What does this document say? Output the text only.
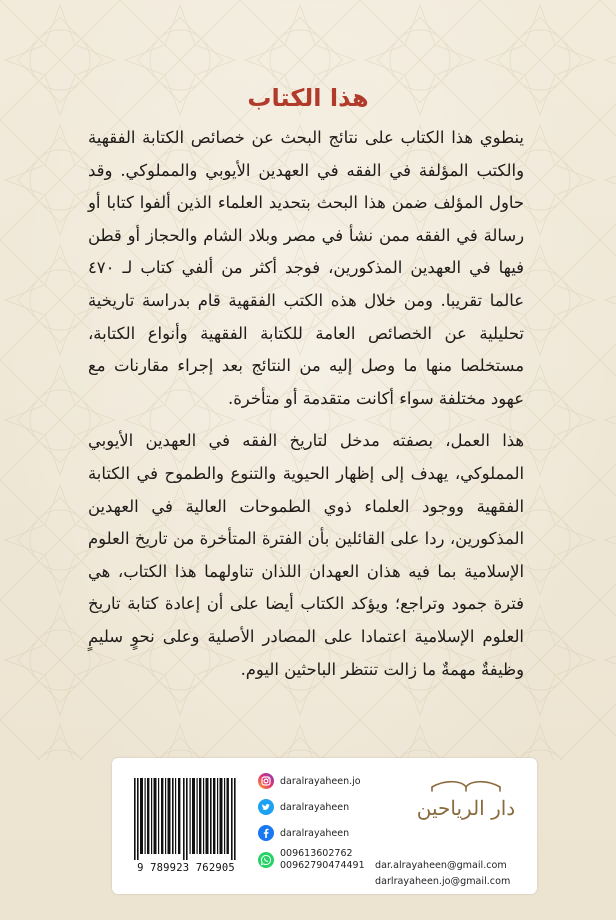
هذا الكتاب

ينطوي هذا الكتاب على نتائج البحث عن خصائص الكتابة الفقهية والكتب المؤلفة في الفقه في العهدين الأيوبي والمملوكي. وقد حاول المؤلف ضمن هذا البحث بتحديد العلماء الذين ألفوا كتابا أو رسالة في الفقه ممن نشأ في مصر وبلاد الشام والحجاز أو قطن فيها في العهدين المذكورين، فوجد أكثر من ألفي كتاب لـ ٤٧٠ عالما تقريبا. ومن خلال هذه الكتب الفقهية قام بدراسة تاريخية تحليلية عن الخصائص العامة للكتابة الفقهية وأنواع الكتابة، مستخلصا منها ما وصل إليه من النتائج بعد إجراء مقارنات مع عهود مختلفة سواء أكانت متقدمة أو متأخرة.

هذا العمل، بصفته مدخل لتاريخ الفقه في العهدين الأيوبي المملوكي، يهدف إلى إظهار الحيوية والتنوع والطموح في الكتابة الفقهية ووجود العلماء ذوي الطموحات العالية في العهدين المذكورين، ردا على القائلين بأن الفترة المتأخرة من تاريخ العلوم الإسلامية بما فيه هذان العهدان اللذان تناولهما هذا الكتاب، هي فترة جمود وتراجع؛ ويؤكد الكتاب أيضا على أن إعادة كتابة تاريخ العلوم الإسلامية اعتمادا على المصادر الأصلية وعلى نحوٍ سليمٍ وظيفةٌ مهمةٌ ما زالت تنتظر الباحثين اليوم.

9 789923 762905
daralrayaheen.jo
daralrayaheen
daralrayaheen
009613602762
00962790474491
دار الرياحين
dar.alrayaheen@gmail.com
darlrayaheen.jo@gmail.com
